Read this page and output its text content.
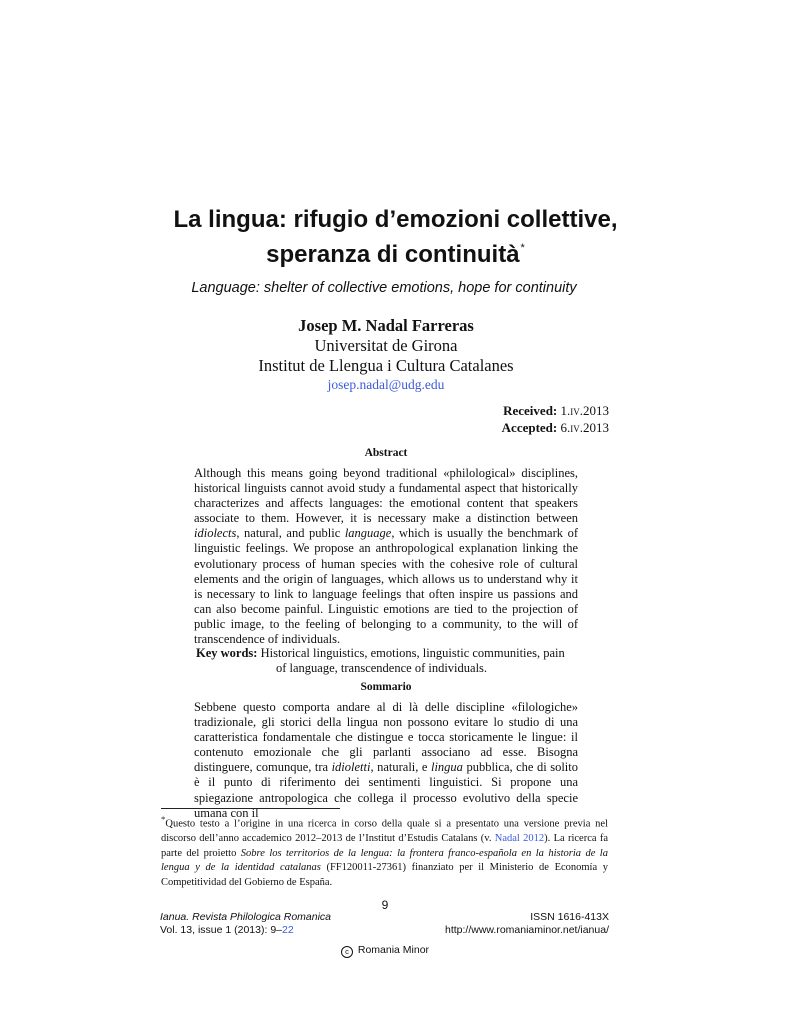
La lingua: rifugio d’emozioni collettive,
speranza di continuità*
Language: shelter of collective emotions, hope for continuity
Josep M. Nadal Farreras
Universitat de Girona
Institut de Llengua i Cultura Catalanes
josep.nadal@udg.edu
Received: 1.iv.2013
Accepted: 6.iv.2013
Abstract
Although this means going beyond traditional «philological» disciplines, historical linguists cannot avoid study a fundamental aspect that historically characterizes and affects languages: the emotional content that speakers associate to them. However, it is necessary make a distinction between idiolects, natural, and public language, which is usually the benchmark of linguistic feelings. We propose an anthropological explanation linking the evolutionary process of human species with the cohesive role of cultural elements and the origin of languages, which allows us to understand why it is necessary to link to language feelings that often inspire us passions and can also become painful. Linguistic emotions are tied to the projection of public image, to the feeling of belonging to a community, to the will of transcendence of individuals.
Key words: Historical linguistics, emotions, linguistic communities, pain
of language, transcendence of individuals.
Sommario
Sebbene questo comporta andare al di là delle discipline «filologiche» tradizionale, gli storici della lingua non possono evitare lo studio di una caratteristica fondamentale che distingue e tocca storicamente le lingue: il contenuto emozionale che gli parlanti associano ad esse. Bisogna distinguere, comunque, tra idioletti, naturali, e lingua pubblica, che di solito è il punto di riferimento dei sentimenti linguistici. Si propone una spiegazione antropologica che collega il processo evolutivo della specie umana con il
*Questo testo a l’origine in una ricerca in corso della quale si a presentato una versione previa nel discorso dell’anno accademico 2012–2013 de l’Institut d’Estudis Catalans (v. Nadal 2012). La ricerca fa parte del proietto Sobre los territorios de la lengua: la frontera franco-española en la historia de la lengua y de la identidad catalanas (FF120011-27361) finanziato per il Ministerio de Economía y Competitividad del Gobierno de España.
9
Ianua. Revista Philologica Romanica
Vol. 13, issue 1 (2013): 9–22
ISSN 1616-413X
http://www.romaniaminor.net/ianua/
c Romania Minor
